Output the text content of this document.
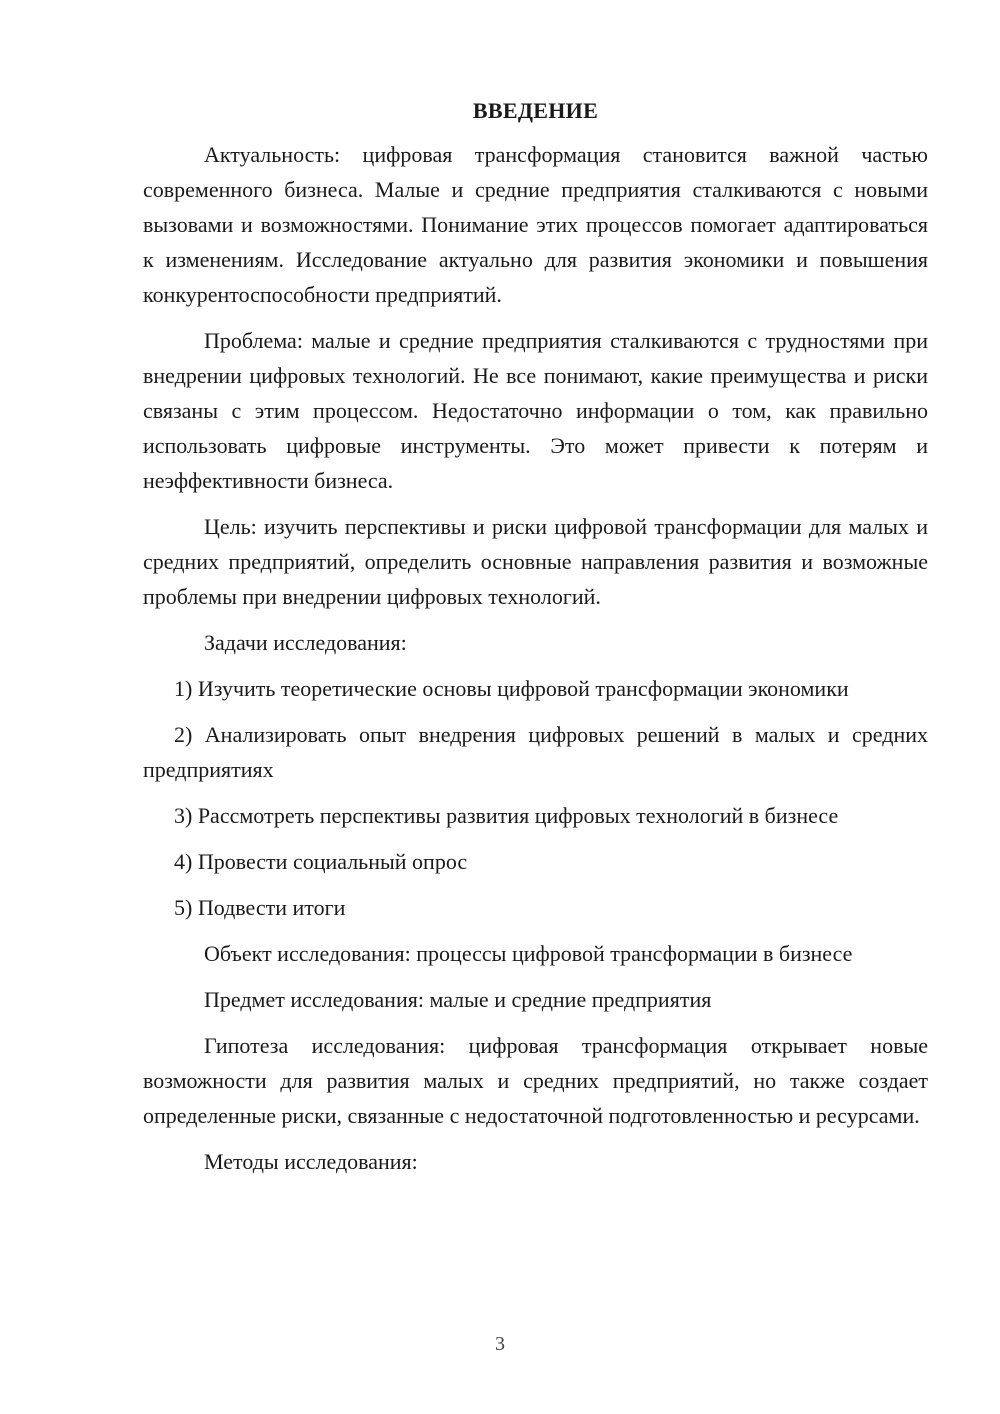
ВВЕДЕНИЕ

Актуальность: цифровая трансформация становится важной частью современного бизнеса. Малые и средние предприятия сталкиваются с новыми вызовами и возможностями. Понимание этих процессов помогает адаптироваться к изменениям. Исследование актуально для развития экономики и повышения конкурентоспособности предприятий.

Проблема: малые и средние предприятия сталкиваются с трудностями при внедрении цифровых технологий. Не все понимают, какие преимущества и риски связаны с этим процессом. Недостаточно информации о том, как правильно использовать цифровые инструменты. Это может привести к потерям и неэффективности бизнеса.

Цель: изучить перспективы и риски цифровой трансформации для малых и средних предприятий, определить основные направления развития и возможные проблемы при внедрении цифровых технологий.

Задачи исследования:

1) Изучить теоретические основы цифровой трансформации экономики

2) Анализировать опыт внедрения цифровых решений в малых и средних предприятиях

3) Рассмотреть перспективы развития цифровых технологий в бизнесе

4) Провести социальный опрос

5) Подвести итоги

Объект исследования: процессы цифровой трансформации в бизнесе

Предмет исследования: малые и средние предприятия

Гипотеза исследования: цифровая трансформация открывает новые возможности для развития малых и средних предприятий, но также создает определенные риски, связанные с недостаточной подготовленностью и ресурсами.

Методы исследования:

3
